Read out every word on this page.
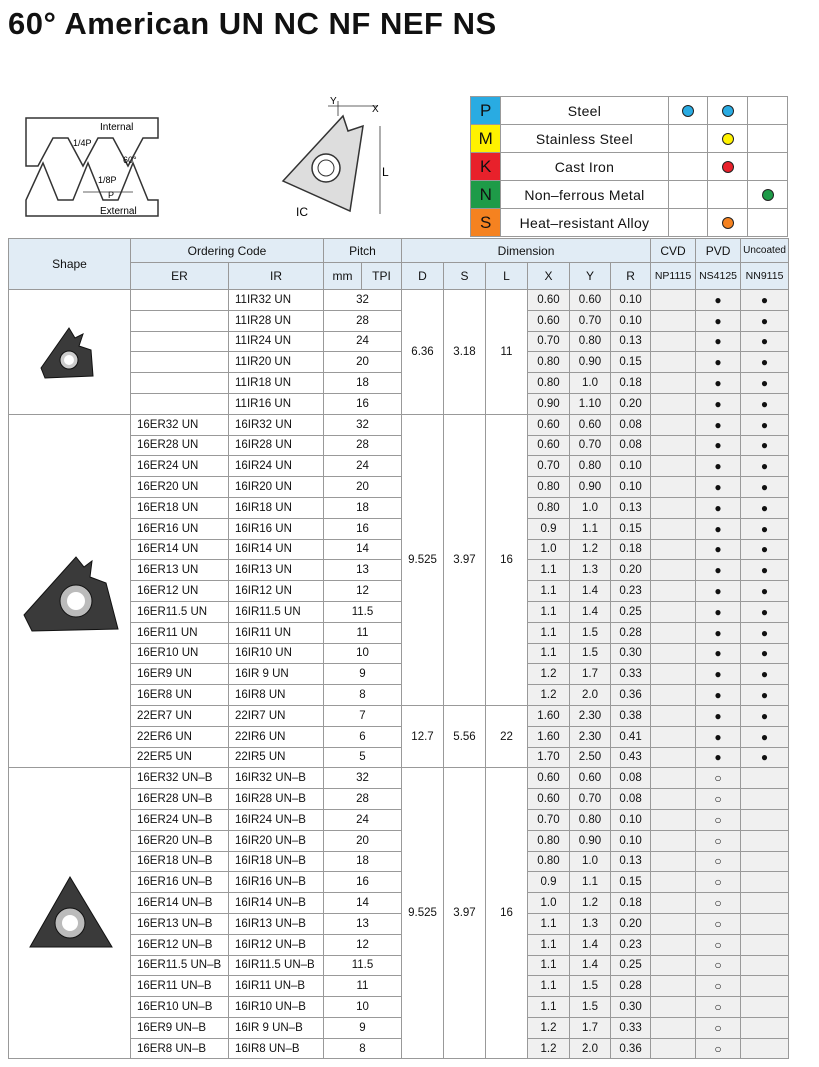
60° American UN NC NF NEF NS
Internal
External
1/4P
1/8P
P
60°
Y
X
L
IC
P	Steel	

M	Stainless Steel		

K	Cast Iron		

N	Non–ferrous Metal			

S	Heat–resistant Alloy		

Shape	Ordering Code		Pitch		Dimension						CVD	PVD	Uncoated
	ER	IR	mm	TPI	D	S	L	X	Y	R	NP1115	NS4125	NN9115

		11IR32 UN	32		6.36	3.18	11	0.60	0.60	0.10		●	●
		11IR28 UN	28					0.60	0.70	0.10		●	●
		11IR24 UN	24					0.70	0.80	0.13		●	●
		11IR20 UN	20					0.80	0.90	0.15		●	●
		11IR18 UN	18					0.80	1.0	0.18		●	●
		11IR16 UN	16					0.90	1.10	0.20		●	●

	16ER32 UN	16IR32 UN	32		9.525	3.97	16	0.60	0.60	0.08		●	●
	16ER28 UN	16IR28 UN	28					0.60	0.70	0.08		●	●
	16ER24 UN	16IR24 UN	24					0.70	0.80	0.10		●	●
	16ER20 UN	16IR20 UN	20					0.80	0.90	0.10		●	●
	16ER18 UN	16IR18 UN	18					0.80	1.0	0.13		●	●
	16ER16 UN	16IR16 UN	16					0.9	1.1	0.15		●	●
	16ER14 UN	16IR14 UN	14					1.0	1.2	0.18		●	●
	16ER13 UN	16IR13 UN	13					1.1	1.3	0.20		●	●
	16ER12 UN	16IR12 UN	12					1.1	1.4	0.23		●	●
	16ER11.5 UN	16IR11.5 UN	11.5					1.1	1.4	0.25		●	●
	16ER11 UN	16IR11 UN	11					1.1	1.5	0.28		●	●
	16ER10 UN	16IR10 UN	10					1.1	1.5	0.30		●	●
	16ER9 UN	16IR 9 UN	9					1.2	1.7	0.33		●	●
	16ER8 UN	16IR8 UN	8					1.2	2.0	0.36		●	●
	22ER7 UN	22IR7 UN	7		12.7	5.56	22	1.60	2.30	0.38		●	●
	22ER6 UN	22IR6 UN	6					1.60	2.30	0.41		●	●
	22ER5 UN	22IR5 UN	5					1.70	2.50	0.43		●	●

	16ER32 UN–B	16IR32 UN–B	32		9.525	3.97	16	0.60	0.60	0.08		○	
	16ER28 UN–B	16IR28 UN–B	28					0.60	0.70	0.08		○	
	16ER24 UN–B	16IR24 UN–B	24					0.70	0.80	0.10		○	
	16ER20 UN–B	16IR20 UN–B	20					0.80	0.90	0.10		○	
	16ER18 UN–B	16IR18 UN–B	18					0.80	1.0	0.13		○	
	16ER16 UN–B	16IR16 UN–B	16					0.9	1.1	0.15		○	
	16ER14 UN–B	16IR14 UN–B	14					1.0	1.2	0.18		○	
	16ER13 UN–B	16IR13 UN–B	13					1.1	1.3	0.20		○	
	16ER12 UN–B	16IR12 UN–B	12					1.1	1.4	0.23		○	
	16ER11.5 UN–B	16IR11.5 UN–B	11.5					1.1	1.4	0.25		○	
	16ER11 UN–B	16IR11 UN–B	11					1.1	1.5	0.28		○	
	16ER10 UN–B	16IR10 UN–B	10					1.1	1.5	0.30		○	
	16ER9 UN–B	16IR 9 UN–B	9					1.2	1.7	0.33		○	
	16ER8 UN–B	16IR8 UN–B	8					1.2	2.0	0.36		○	
